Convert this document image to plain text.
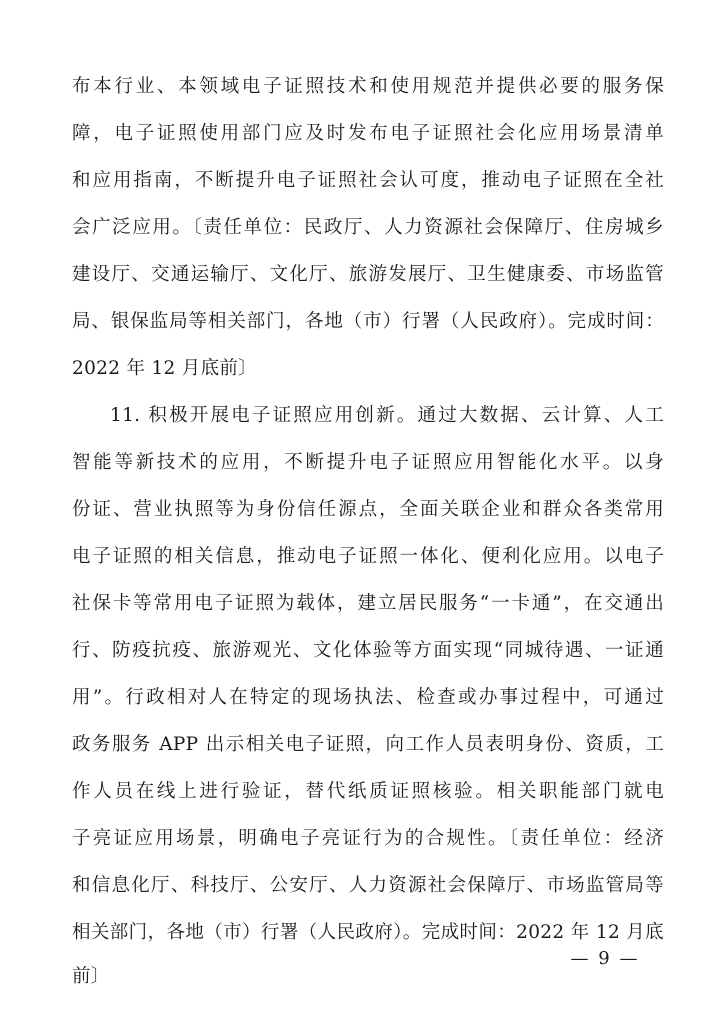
布本行业、本领域电子证照技术和使用规范并提供必要的服务保
障，电子证照使用部门应及时发布电子证照社会化应用场景清单
和应用指南，不断提升电子证照社会认可度，推动电子证照在全社
会广泛应用。〔责任单位：民政厅、人力资源社会保障厅、住房城乡
建设厅、交通运输厅、文化厅、旅游发展厅、卫生健康委、市场监管
局、银保监局等相关部门，各地（市）行署（人民政府）。完成时间：
2022 年 12 月底前〕
11. 积极开展电子证照应用创新。通过大数据、云计算、人工
智能等新技术的应用，不断提升电子证照应用智能化水平。以身
份证、营业执照等为身份信任源点，全面关联企业和群众各类常用
电子证照的相关信息，推动电子证照一体化、便利化应用。以电子
社保卡等常用电子证照为载体，建立居民服务“一卡通”，在交通出
行、防疫抗疫、旅游观光、文化体验等方面实现“同城待遇、一证通
用”。行政相对人在特定的现场执法、检查或办事过程中，可通过
政务服务 APP 出示相关电子证照，向工作人员表明身份、资质，工
作人员在线上进行验证，替代纸质证照核验。相关职能部门就电
子亮证应用场景，明确电子亮证行为的合规性。〔责任单位：经济
和信息化厅、科技厅、公安厅、人力资源社会保障厅、市场监管局等
相关部门，各地（市）行署（人民政府）。完成时间：2022 年 12 月底
前〕
— 9 —
